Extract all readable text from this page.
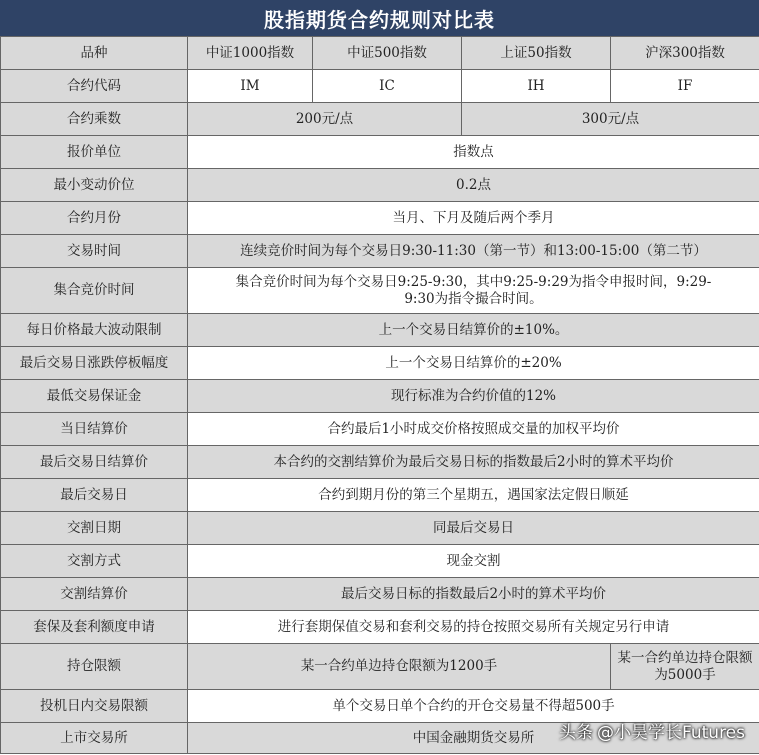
股指期货合约规则对比表
品种	中证1000指数	中证500指数	上证50指数	沪深300指数
合约代码	IM	IC	IH	IF
合约乘数	200元/点		300元/点	
报价单位	指数点			
最小变动价位	0.2点			
合约月份	当月、下月及随后两个季月			
交易时间	连续竞价时间为每个交易日9:30-11:30（第一节）和13:00-15:00（第二节）			
集合竞价时间	集合竞价时间为每个交易日9:25-9:30，其中9:25-9:29为指令申报时间，9:29-9:30为指令撮合时间。			
每日价格最大波动限制	上一个交易日结算价的±10%。			
最后交易日涨跌停板幅度	上一个交易日结算价的±20%			
最低交易保证金	现行标准为合约价值的12%			
当日结算价	合约最后1小时成交价格按照成交量的加权平均价			
最后交易日结算价	本合约的交割结算价为最后交易日标的指数最后2小时的算术平均价			
最后交易日	合约到期月份的第三个星期五，遇国家法定假日顺延			
交割日期	同最后交易日			
交割方式	现金交割			
交割结算价	最后交易日标的指数最后2小时的算术平均价			
套保及套利额度申请	进行套期保值交易和套利交易的持仓按照交易所有关规定另行申请			
持仓限额	某一合约单边持仓限额为1200手			某一合约单边持仓限额为5000手
投机日内交易限额	单个交易日单个合约的开仓交易量不得超500手			
上市交易所	中国金融期货交易所			头条 @小昊学长Futures
